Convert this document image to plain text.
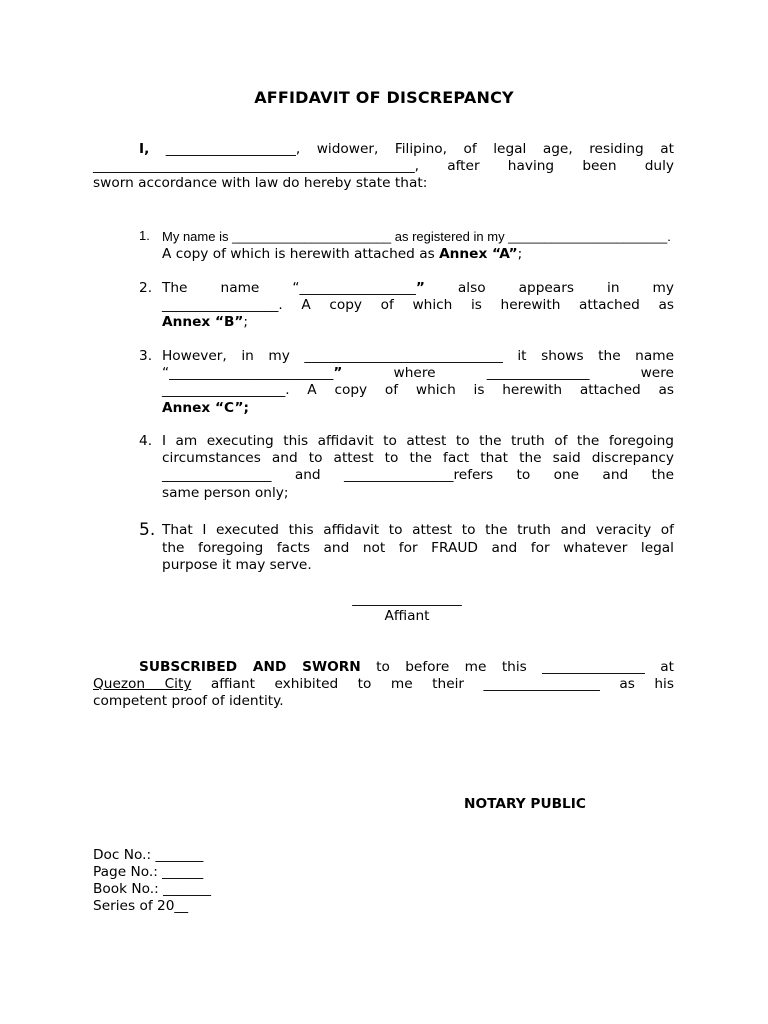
AFFIDAVIT OF DISCREPANCY
I, ___________________, widower, Filipino, of legal age, residing at
_______________________________________________, after having been duly
sworn accordance with law do hereby state that:
1. My name is ______________________ as registered in my ______________________.
A copy of which is herewith attached as Annex “A”;
2. The name “_________________” also appears in my
_________________. A copy of which is herewith attached as
Annex “B”;
3. However, in my _____________________________ it shows the name
“________________________”	where	_______________	were
__________________. A copy of which is herewith attached as
Annex “C”;
4. I am executing this affidavit to attest to the truth of the foregoing
circumstances and to attest to the fact that the said discrepancy
________________ and ________________refers to one and the
same person only;
5. That I executed this affidavit to attest to the truth and veracity of
the foregoing facts and not for FRAUD and for whatever legal
purpose it may serve.
________________
Affiant
SUBSCRIBED AND SWORN to before me this _______________ at
Quezon City affiant exhibited to me their _________________ as his
competent proof of identity.
NOTARY PUBLIC
Doc No.: _______
Page No.: ______
Book No.: _______
Series of 20__
